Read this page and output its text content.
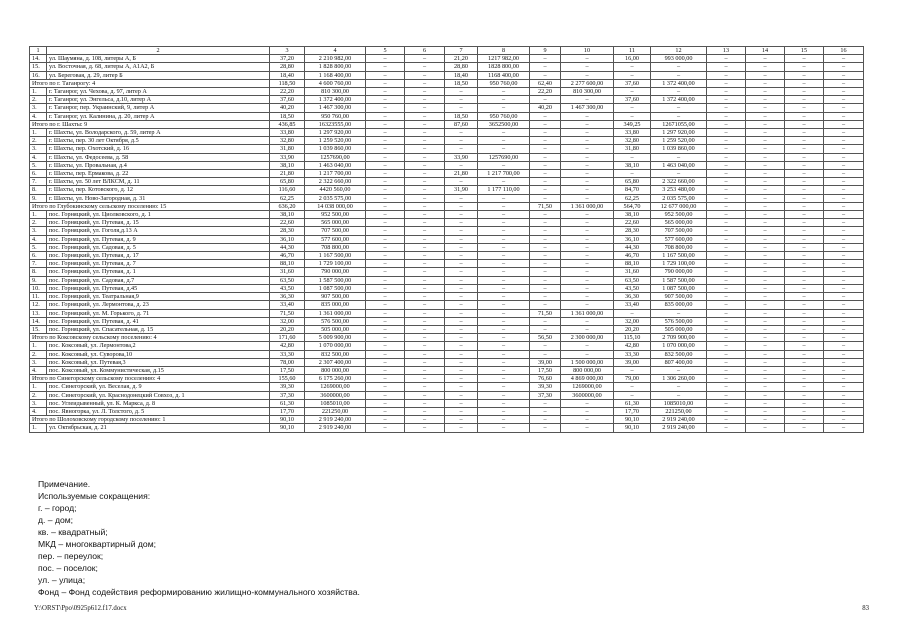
1	2	3	4	5	6	7	8	9	10	11	12	13	14	15	16
14.	ул. Шаумяна, д. 108, литеры А, Б	37,20	2 210 982,00	–	–	21,20	1217 982,00	–	–	16,00	993 000,00	–	–	–	–
15.	ул. Восточная, д. 68, литеры А, А1А2, Б	28,80	1 828 800,00	–	–	28,80	1828 800,00	–	–	–	–	–	–	–	–
16.	ул. Береговая, д. 29, литер Б	18,40	1 168 400,00	–	–	18,40	1168 400,00	–	–	–	–	–	–	–	–
Итого по г. Таганрогу: 4		118,50	4 600 760,00	–	–	18,50	950 760,00	62,40	2 277 600,00	37,60	1 372 400,00	–	–	–	–
1.	г. Таганрог, ул. Чехова, д. 97, литер А	22,20	810 300,00	–	–	–	–	22,20	810 300,00	–	–	–	–	–	–
2.	г. Таганрог, ул. Энгельса, д.10, литер А	37,60	1 372 400,00	–	–	–	–	–	–	37,60	1 372 400,00	–	–	–	–
3.	г. Таганрог, пер. Украинский, 9, литер А	40,20	1 467 300,00	–	–	–	–	40,20	1 467 300,00	–	–	–	–	–	–
4.	г. Таганрог, ул. Калинина, д. 20, литер А	18,50	950 760,00	–	–	18,50	950 760,00	–	–	–	–	–	–	–	–
Итого по г. Шахты: 9		436,85	16323555,00	–	–	87,60	3652500,00	–	–	349,25	12671055,00	–	–	–	–
1.	г. Шахты, ул. Володарского, д. 59, литер А	33,80	1 297 920,00	–	–	–	–	–	–	33,80	1 297 920,00	–	–	–	–
2.	г. Шахты, пер. 30 лет Октября, д.5	32,80	1 259 520,00	–	–	–	–	–	–	32,80	1 259 520,00	–	–	–	–
3.	г. Шахты, пер. Охотский, д. 16	31,80	1 039 860,00	–	–	–	–	–	–	31,80	1 039 860,00	–	–	–	–
4.	г. Шахты, ул. Федосеева, д. 58	33,90	1257690,00	–	–	33,90	1257690,00	–	–	–	–	–	–	–	–
5.	г. Шахты, ул. Провальная, д.4	38,10	1 463 040,00	–	–	–	–	–	–	38,10	1 463 040,00	–	–	–	–
6.	г. Шахты, пер. Ермакова, д. 22	21,80	1 217 700,00	–	–	21,80	1 217 700,00	–	–	–	–	–	–	–	–
7.	г. Шахты, ул. 50 лет ВЛКСМ, д. 11	65,80	2 322 660,00	–	–	–	–	–	–	65,80	2 322 660,00	–	–	–	–
8.	г. Шахты, пер. Котовского, д. 12	116,60	4420 560,00	–	–	31,90	1 177 110,00	–	–	84,70	3 253 480,00	–	–	–	–
9.	г. Шахты, ул. Ново-Загородная, д. 31	62,25	2 035 575,00	–	–	–	–	–	–	62,25	2 035 575,00	–	–	–	–
Итого по Глубокинскому сельскому поселению: 15		636,20	14 038 000,00	–	–	–	–	71,50	1 361 000,00	564,70	12 677 000,00	–	–	–	–
1.	пос. Горняцкий, ул. Циолковского, д. 1	38,10	952 500,00	–	–	–	–	–	–	38,10	952 500,00	–	–	–	–
2.	пос. Горняцкий, ул. Путевая, д. 15	22,60	565 000,00	–	–	–	–	–	–	22,60	565 000,00	–	–	–	–
3.	пос. Горняцкий, ул. Гоголя,д.13 А	28,30	707 500,00	–	–	–	–	–	–	28,30	707 500,00	–	–	–	–
4.	пос. Горняцкий, ул. Путевая, д. 9	36,10	577 600,00	–	–	–	–	–	–	36,10	577 600,00	–	–	–	–
5.	пос. Горняцкий, ул. Садовая, д. 5	44,30	708 800,00	–	–	–	–	–	–	44,30	708 800,00	–	–	–	–
6.	пос. Горняцкий, ул. Путевая, д. 17	46,70	1 167 500,00	–	–	–	–	–	–	46,70	1 167 500,00	–	–	–	–
7.	пос. Горняцкий, ул. Путевая, д. 7	88,10	1 729 100,00	–	–	–	–	–	–	88,10	1 729 100,00	–	–	–	–
8.	пос. Горняцкий, ул. Путевая, д. 1	31,60	790 000,00	–	–	–	–	–	–	31,60	790 000,00	–	–	–	–
9.	пос. Горняцкий, ул. Садовая, д.7	63,50	1 587 500,00	–	–	–	–	–	–	63,50	1 587 500,00	–	–	–	–
10.	пос. Горняцкий, ул. Путевая, д.45	43,50	1 087 500,00	–	–	–	–	–	–	43,50	1 087 500,00	–	–	–	–
11.	пос. Горняцкий, ул. Театральная,9	36,30	907 500,00	–	–	–	–	–	–	36,30	907 500,00	–	–	–	–
12.	пос. Горняцкий, ул. Лермонтова, д. 23	33,40	835 000,00	–	–	–	–	–	–	33,40	835 000,00	–	–	–	–
13.	пос. Горняцкий, ул. М. Горького, д. 71	71,50	1 361 000,00	–	–	–	–	71,50	1 361 000,00	–	–	–	–	–	–
14.	пос. Горняцкий, ул. Путевая, д. 41	32,00	576 500,00	–	–	–	–	–	–	32,00	576 500,00	–	–	–	–
15.	пос. Горняцкий, ул. Спасательная, д. 15	20,20	505 000,00	–	–	–	–	–	–	20,20	505 000,00	–	–	–	–
Итого по Коксовскому сельскому поселению: 4		171,60	5 009 900,00	–	–	–	–	56,50	2 300 000,00	115,10	2 709 900,00	–	–	–	–
1.	пос. Коксовый, ул. Лермонтова,2	42,80	1 070 000,00	–	–	–	–	–	–	42,80	1 070 000,00	–	–	–	–
2.	пос. Коксовый, ул. Суворова,10	33,30	832 500,00	–	–	–	–	–	–	33,30	832 500,00	–	–	–	–
3.	пос. Коксовый, ул. Путевая,3	78,00	2 307 400,00	–	–	–	–	39,00	1 500 000,00	39,00	807 400,00	–	–	–	–
4.	пос. Коксовый, ул. Коммунистическая, д.15	17,50	800 000,00	–	–	–	–	17,50	800 000,00	–	–	–	–	–	–
Итого по Синегорскому сельскому поселению: 4		155,60	6 175 260,00	–	–	–	–	76,60	4 869 000,00	79,00	1 306 260,00	–	–	–	–
1.	пос. Синегорский, ул. Веселая, д. 9	39,30	1269000,00	–	–	–	–	39,30	1269000,00	–	–	–	–	–	–
2.	пос. Синегорский, ул. Краснодонецкий Совхоз, д. 1	37,30	3600000,00	–	–	–	–	37,30	3600000,00	–	–	–	–	–	–
3.	пос. Углеидывенный, ул. К. Маркса, д. 8	61,30	1085010,00	–	–	–	–	–	–	61,30	1085010,00	–	–	–	–
4.	пос. Явногорка, ул. Л. Толстого, д. 5	17,70	221250,00	–	–	–	–	–	–	17,70	221250,00	–	–	–	–
Итого по Шолоховскому городскому поселению: 1		90,10	2 919 240,00	–	–	–	–	–	–	90,10	2 919 240,00	–	–	–	–
1.	ул. Октябрьская, д. 21	90,10	2 919 240,00	–	–	–	–	–	–	90,10	2 919 240,00	–	–	–	–
Примечание.
Используемые сокращения:
г. – город;
д. – дом;
кв. – квадратный;
МКД – многоквартирный дом;
пер. – переулок;
пос. – поселок;
ул. – улица;
Фонд – Фонд содействия реформированию жилищно-коммунального хозяйства.
Y:\ORST\Ppo\0925p612.f17.docx	83
